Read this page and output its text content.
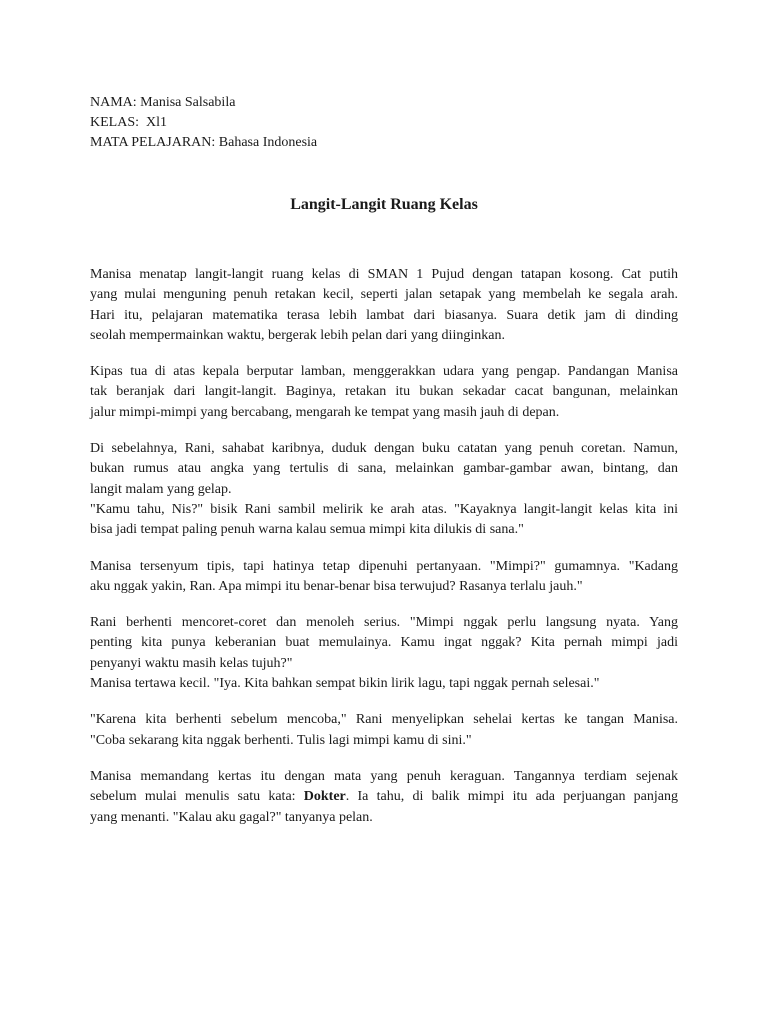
NAMA: Manisa Salsabila

KELAS:  Xl1

MATA PELAJARAN: Bahasa Indonesia

Langit-Langit Ruang Kelas

Manisa menatap langit-langit ruang kelas di SMAN 1 Pujud dengan tatapan kosong. Cat putih
yang mulai menguning penuh retakan kecil, seperti jalan setapak yang membelah ke segala arah.
Hari itu, pelajaran matematika terasa lebih lambat dari biasanya. Suara detik jam di dinding
seolah mempermainkan waktu, bergerak lebih pelan dari yang diinginkan.

Kipas tua di atas kepala berputar lamban, menggerakkan udara yang pengap. Pandangan Manisa
tak beranjak dari langit-langit. Baginya, retakan itu bukan sekadar cacat bangunan, melainkan
jalur mimpi-mimpi yang bercabang, mengarah ke tempat yang masih jauh di depan.

Di sebelahnya, Rani, sahabat karibnya, duduk dengan buku catatan yang penuh coretan. Namun,
bukan rumus atau angka yang tertulis di sana, melainkan gambar-gambar awan, bintang, dan
langit malam yang gelap.
"Kamu tahu, Nis?" bisik Rani sambil melirik ke arah atas. "Kayaknya langit-langit kelas kita ini
bisa jadi tempat paling penuh warna kalau semua mimpi kita dilukis di sana."

Manisa tersenyum tipis, tapi hatinya tetap dipenuhi pertanyaan. "Mimpi?" gumamnya. "Kadang
aku nggak yakin, Ran. Apa mimpi itu benar-benar bisa terwujud? Rasanya terlalu jauh."

Rani berhenti mencoret-coret dan menoleh serius. "Mimpi nggak perlu langsung nyata. Yang
penting kita punya keberanian buat memulainya. Kamu ingat nggak? Kita pernah mimpi jadi
penyanyi waktu masih kelas tujuh?"
Manisa tertawa kecil. "Iya. Kita bahkan sempat bikin lirik lagu, tapi nggak pernah selesai."

"Karena kita berhenti sebelum mencoba," Rani menyelipkan sehelai kertas ke tangan Manisa.
"Coba sekarang kita nggak berhenti. Tulis lagi mimpi kamu di sini."

Manisa memandang kertas itu dengan mata yang penuh keraguan. Tangannya terdiam sejenak
sebelum mulai menulis satu kata: Dokter. Ia tahu, di balik mimpi itu ada perjuangan panjang
yang menanti. "Kalau aku gagal?" tanyanya pelan.
